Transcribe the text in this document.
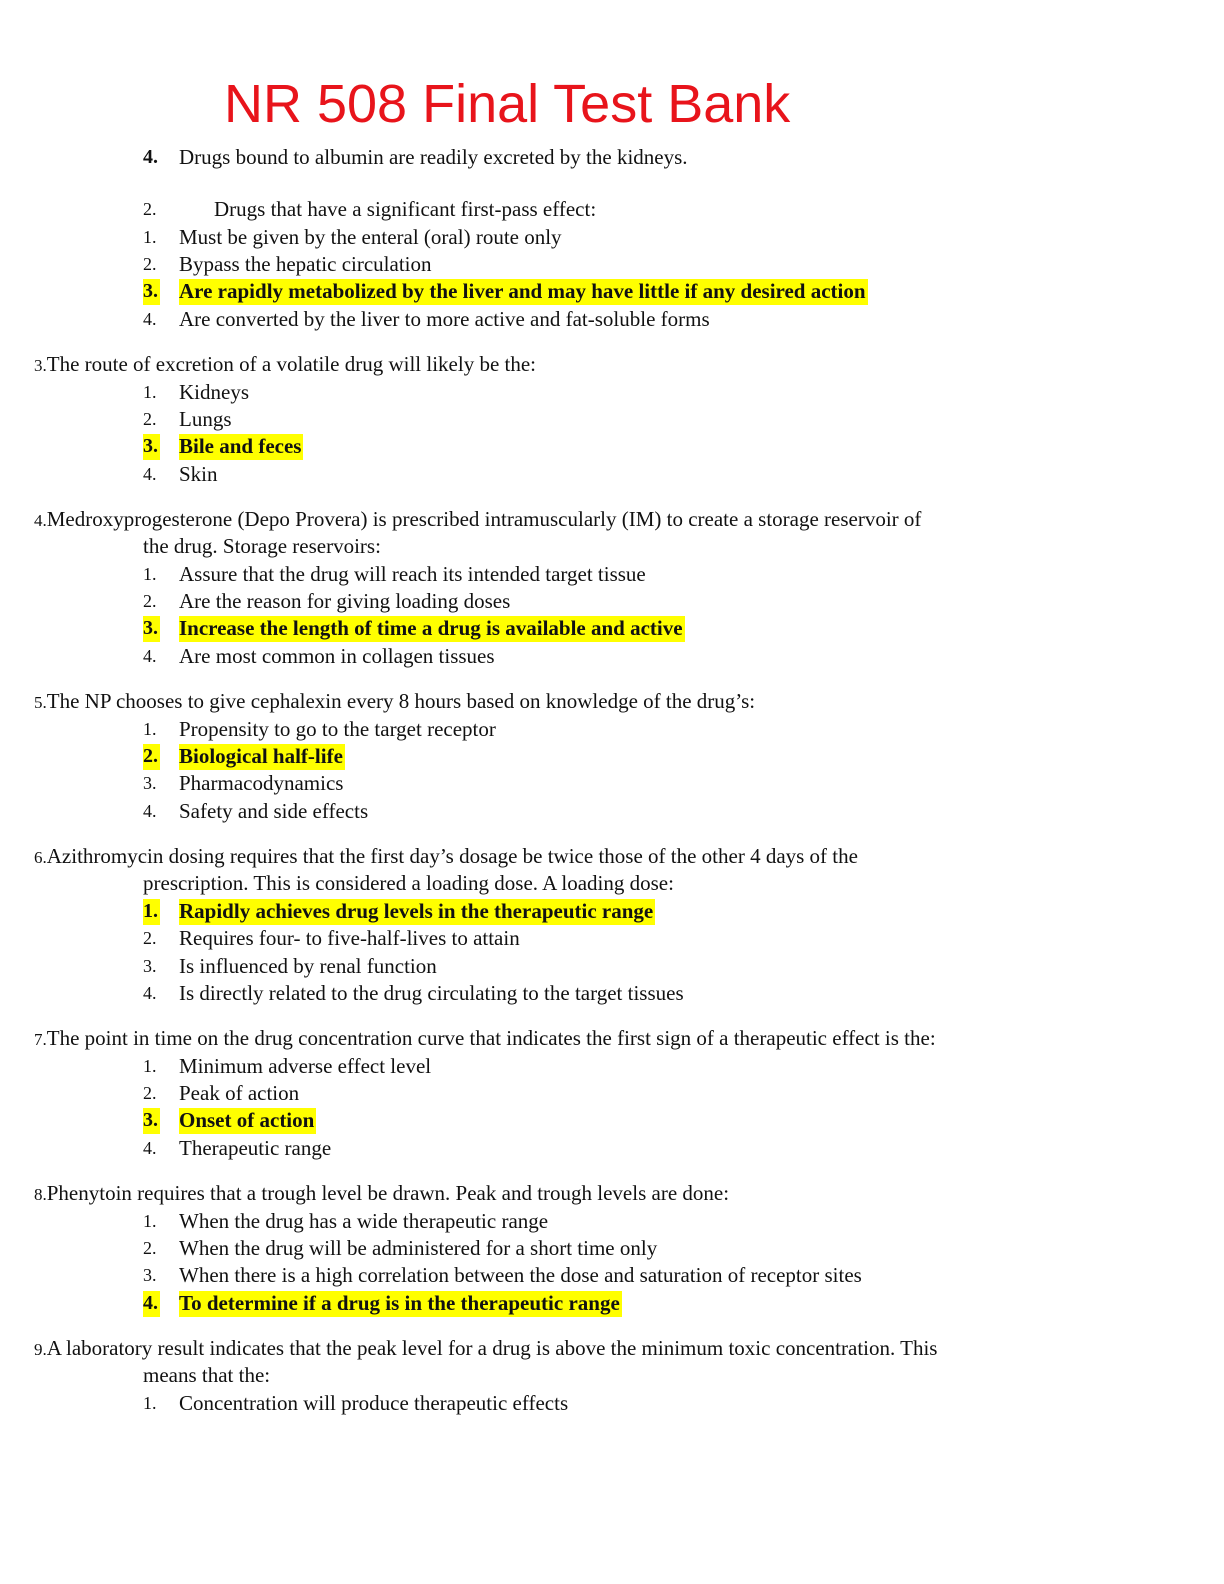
NR 508 Final Test Bank
4. Drugs bound to albumin are readily excreted by the kidneys.
2.	Drugs that have a significant first-pass effect:
1. Must be given by the enteral (oral) route only
2. Bypass the hepatic circulation
3. Are rapidly metabolized by the liver and may have little if any desired action
4. Are converted by the liver to more active and fat-soluble forms
3.The route of excretion of a volatile drug will likely be the:
1. Kidneys
2. Lungs
3. Bile and feces
4. Skin
4.Medroxyprogesterone (Depo Provera) is prescribed intramuscularly (IM) to create a storage reservoir of
the drug. Storage reservoirs:
1. Assure that the drug will reach its intended target tissue
2. Are the reason for giving loading doses
3. Increase the length of time a drug is available and active
4. Are most common in collagen tissues
5.The NP chooses to give cephalexin every 8 hours based on knowledge of the drug’s:
1. Propensity to go to the target receptor
2. Biological half-life
3. Pharmacodynamics
4. Safety and side effects
6.Azithromycin dosing requires that the first day’s dosage be twice those of the other 4 days of the
prescription. This is considered a loading dose. A loading dose:
1. Rapidly achieves drug levels in the therapeutic range
2. Requires four- to five-half-lives to attain
3. Is influenced by renal function
4. Is directly related to the drug circulating to the target tissues
7.The point in time on the drug concentration curve that indicates the first sign of a therapeutic effect is the:
1. Minimum adverse effect level
2. Peak of action
3. Onset of action
4. Therapeutic range
8.Phenytoin requires that a trough level be drawn. Peak and trough levels are done:
1. When the drug has a wide therapeutic range
2. When the drug will be administered for a short time only
3. When there is a high correlation between the dose and saturation of receptor sites
4. To determine if a drug is in the therapeutic range
9.A laboratory result indicates that the peak level for a drug is above the minimum toxic concentration. This
means that the:
1. Concentration will produce therapeutic effects
